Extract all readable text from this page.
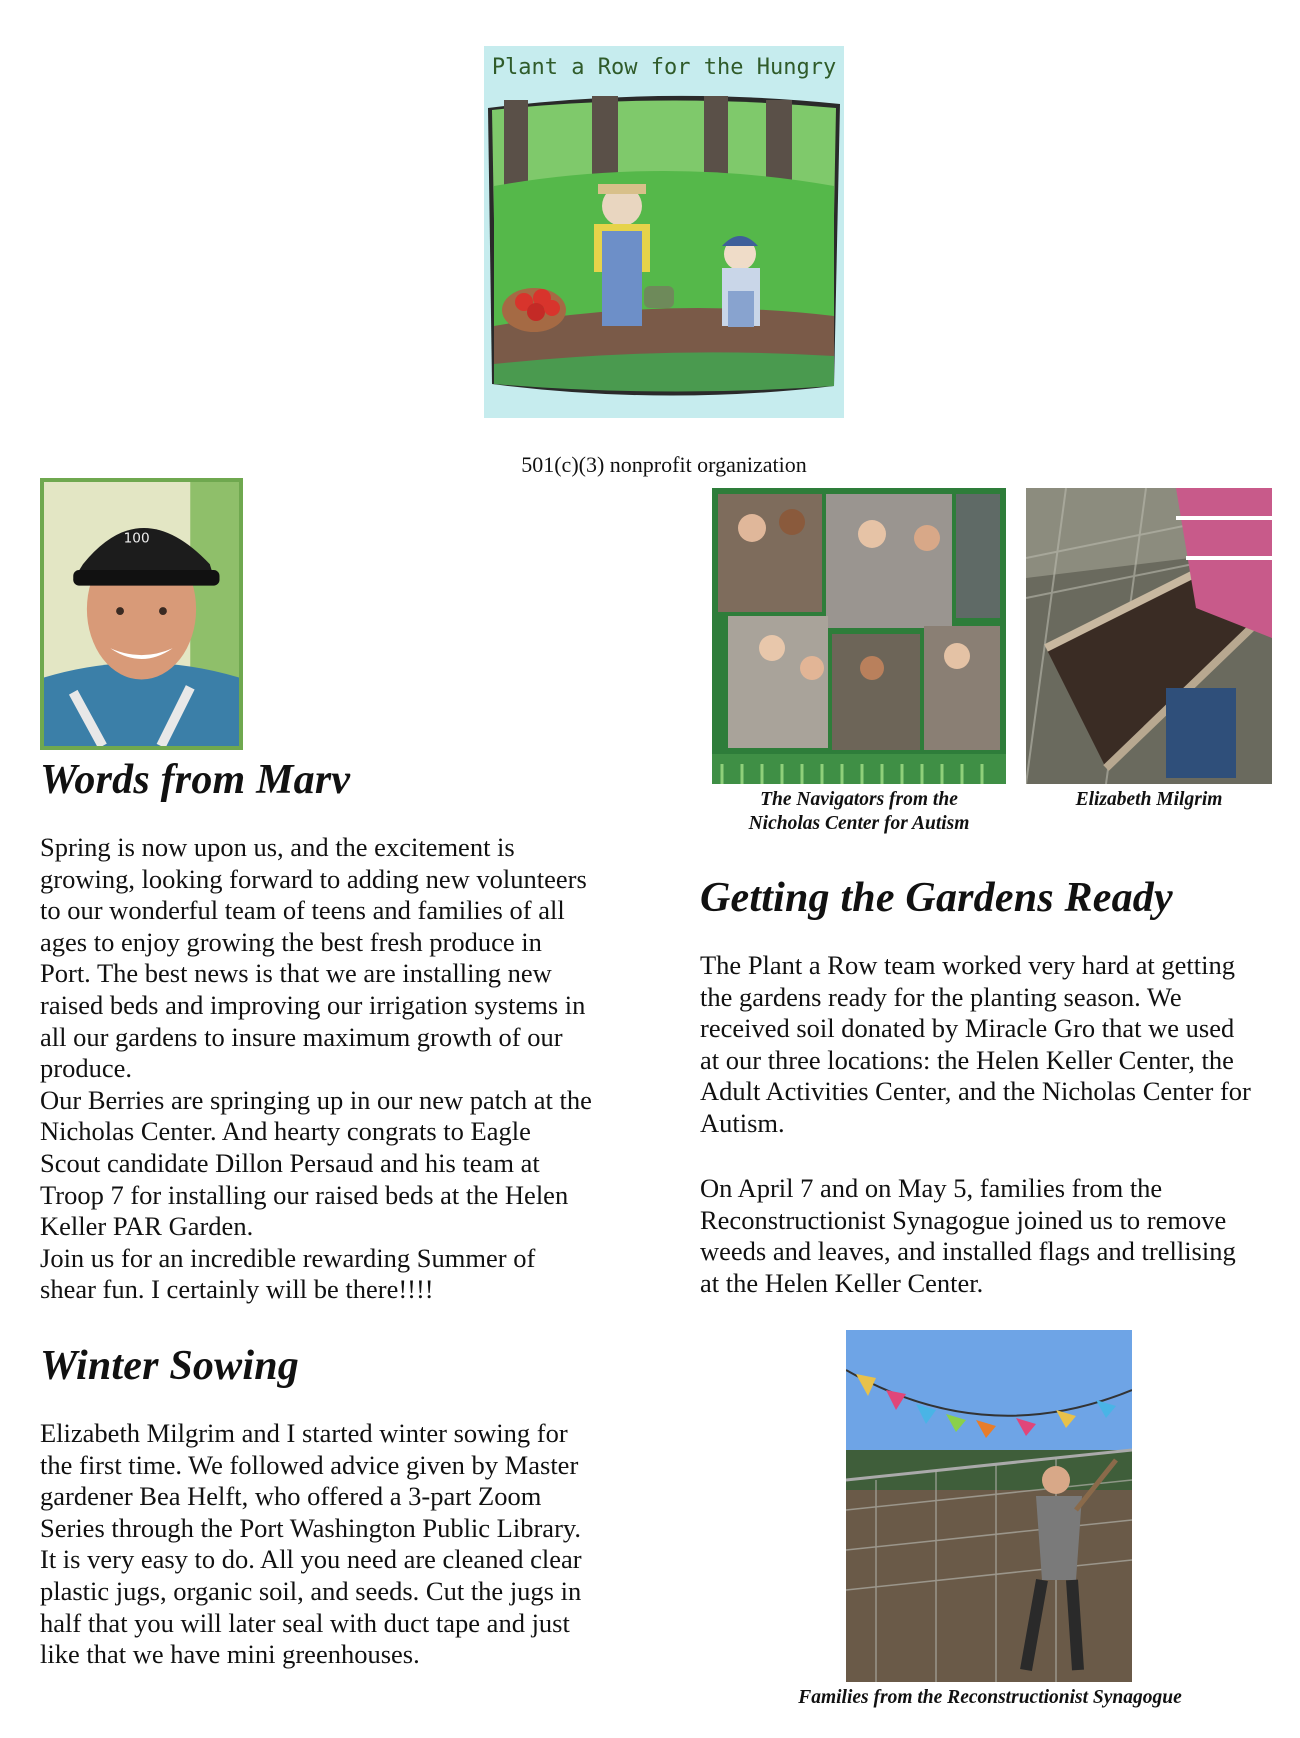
Plant a Row for the Hungry
501(c)(3) nonprofit organization
100
Words from Marv

Spring is now upon us, and the excitement is
growing, looking forward to adding new volunteers
to our wonderful team of teens and families of all
ages to enjoy growing the best fresh produce in
Port. The best news is that we are installing new
raised beds and improving our irrigation systems in
all our gardens to insure maximum growth of our
produce.

Our Berries are springing up in our new patch at the
Nicholas Center. And hearty congrats to Eagle
Scout candidate Dillon Persaud and his team at
Troop 7 for installing our raised beds at the Helen
Keller PAR Garden.

Join us for an incredible rewarding Summer of
shear fun. I certainly will be there!!!!

Winter Sowing

Elizabeth Milgrim and I started winter sowing for
the first time. We followed advice given by Master
gardener Bea Helft, who offered a 3-part Zoom
Series through the Port Washington Public Library.
It is very easy to do. All you need are cleaned clear
plastic jugs, organic soil, and seeds. Cut the jugs in
half that you will later seal with duct tape and just
like that we have mini greenhouses.

The Navigators from the
Nicholas Center for Autism
Elizabeth Milgrim
Getting the Gardens Ready

The Plant a Row team worked very hard at getting
the gardens ready for the planting season. We
received soil donated by Miracle Gro that we used
at our three locations: the Helen Keller Center, the
Adult Activities Center, and the Nicholas Center for
Autism.

On April 7 and on May 5, families from the
Reconstructionist Synagogue joined us to remove
weeds and leaves, and installed flags and trellising
at the Helen Keller Center.

Families from the Reconstructionist Synagogue
